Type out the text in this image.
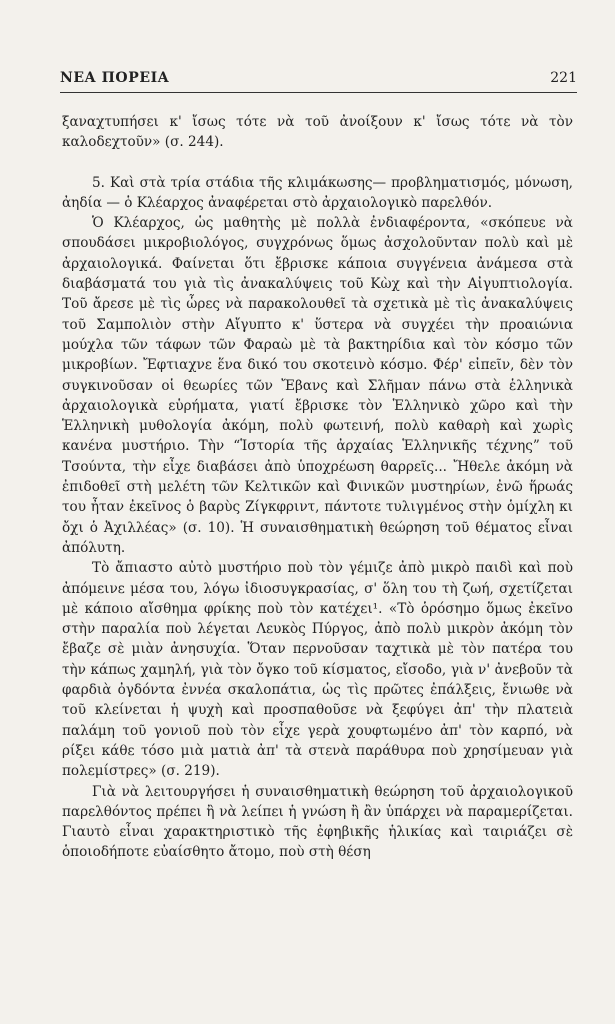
ΝΕΑ ΠΟΡΕΙΑ	221

ξαναχτυπήσει κ' ἴσως τότε νὰ τοῦ ἀνοίξουν κ' ἴσως τότε νὰ τὸν καλοδεχτοῦν» (σ. 244).

5. Καὶ στὰ τρία στάδια τῆς κλιμάκωσης— προβληματισμός, μόνωση, ἀηδία — ὁ Κλέαρχος ἀναφέρεται στὸ ἀρχαιολογικὸ παρελθόν.

Ὁ Κλέαρχος, ὡς μαθητὴς μὲ πολλὰ ἐνδιαφέροντα, «σκόπευε νὰ σπουδάσει μικροβιολόγος, συγχρόνως ὅμως ἀσχολοῦνταν πολὺ καὶ μὲ ἀρχαιολογικά. Φαίνεται ὅτι ἔβρισκε κάποια συγγένεια ἀνάμεσα στὰ διαβάσματά του γιὰ τὶς ἀνακαλύψεις τοῦ Κὼχ καὶ τὴν Αἰγυπτιολογία. Τοῦ ἄρεσε μὲ τὶς ὧρες νὰ παρακολουθεῖ τὰ σχετικὰ μὲ τὶς ἀνακαλύψεις τοῦ Σαμπολιὸν στὴν Αἴγυπτο κ' ὕστερα νὰ συγχέει τὴν προαιώνια μούχλα τῶν τάφων τῶν Φαραὼ μὲ τὰ βακτηρίδια καὶ τὸν κόσμο τῶν μικροβίων. Ἔφτιαχνε ἕνα δικό του σκοτεινὸ κόσμο. Φέρ' εἰπεῖν, δὲν τὸν συγκινοῦσαν οἱ θεωρίες τῶν Ἔβανς καὶ Σλῆμαν πάνω στὰ ἑλληνικὰ ἀρχαιολογικὰ εὑρήματα, γιατί ἔβρισκε τὸν Ἑλληνικὸ χῶρο καὶ τὴν Ἑλληνικὴ μυθολογία ἀκόμη, πολὺ φωτεινή, πολὺ καθαρὴ καὶ χωρὶς κανένα μυστήριο. Τὴν “Ἱστορία τῆς ἀρχαίας Ἑλληνικῆς τέχνης” τοῦ Τσούντα, τὴν εἶχε διαβάσει ἀπὸ ὑποχρέωση θαρρεῖς... Ἤθελε ἀκόμη νὰ ἐπιδοθεῖ στὴ μελέτη τῶν Κελτικῶν καὶ Φινικῶν μυστηρίων, ἐνῶ ἥρωάς του ἦταν ἐκεῖνος ὁ βαρὺς Ζίγκφριντ, πάντοτε τυλιγμένος στὴν ὁμίχλη κι ὄχι ὁ Ἀχιλλέας» (σ. 10). Ἡ συναισθηματικὴ θεώρηση τοῦ θέματος εἶναι ἀπόλυτη.

Τὸ ἄπιαστο αὐτὸ μυστήριο ποὺ τὸν γέμιζε ἀπὸ μικρὸ παιδὶ καὶ ποὺ ἀπόμεινε μέσα του, λόγω ἰδιοσυγκρασίας, σ' ὅλη του τὴ ζωή, σχετίζεται μὲ κάποιο αἴσθημα φρίκης ποὺ τὸν κατέχει¹. «Τὸ ὁρόσημο ὅμως ἐκεῖνο στὴν παραλία ποὺ λέγεται Λευκὸς Πύργος, ἀπὸ πολὺ μικρὸν ἀκόμη τὸν ἔβαζε σὲ μιὰν ἀνησυχία. Ὅταν περνοῦσαν ταχτικὰ μὲ τὸν πατέρα του τὴν κάπως χαμηλή, γιὰ τὸν ὄγκο τοῦ κίσματος, εἴσοδο, γιὰ ν' ἀνεβοῦν τὰ φαρδιὰ ὀγδόντα ἐννέα σκαλοπάτια, ὡς τὶς πρῶτες ἐπάλξεις, ἔνιωθε νὰ τοῦ κλείνεται ἡ ψυχὴ καὶ προσπαθοῦσε νὰ ξεφύγει ἀπ' τὴν πλατειὰ παλάμη τοῦ γονιοῦ ποὺ τὸν εἶχε γερὰ χουφτωμένο ἀπ' τὸν καρπό, νὰ ρίξει κάθε τόσο μιὰ ματιὰ ἀπ' τὰ στενὰ παράθυρα ποὺ χρησίμευαν γιὰ πολεμίστρες» (σ. 219).

Γιὰ νὰ λειτουργήσει ἡ συναισθηματικὴ θεώρηση τοῦ ἀρχαιολογικοῦ παρελθόντος πρέπει ἢ νὰ λείπει ἡ γνώση ἢ ἂν ὑπάρχει νὰ παραμερίζεται. Γιαυτὸ εἶναι χαρακτηριστικὸ τῆς ἐφηβικῆς ἡλικίας καὶ ταιριάζει σὲ ὁποιοδήποτε εὐαίσθητο ἄτομο, ποὺ στὴ θέση
